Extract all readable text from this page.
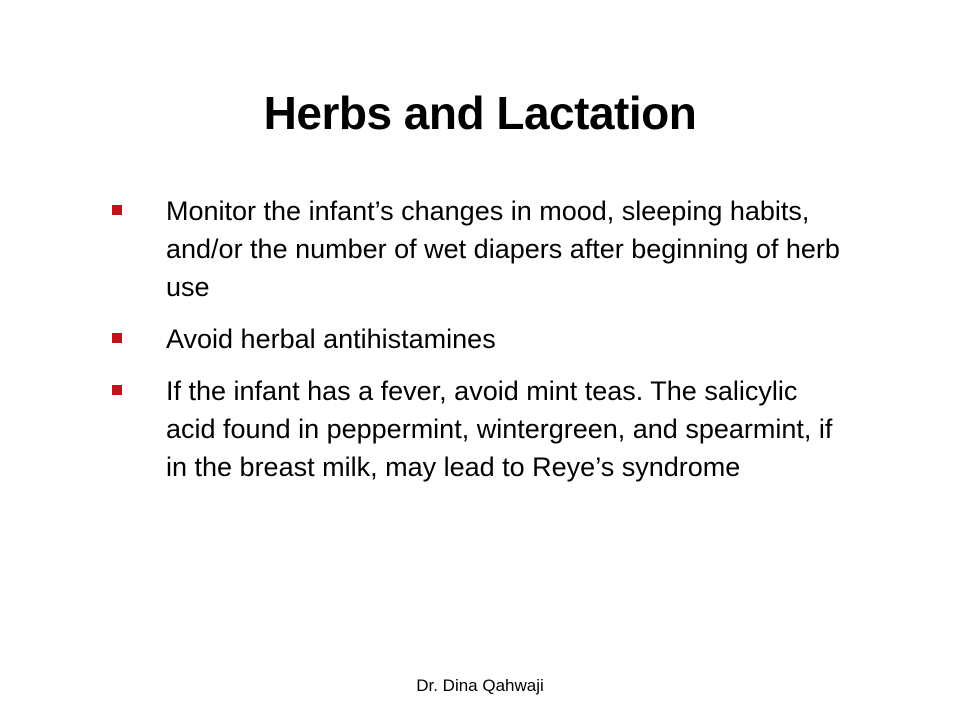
Herbs and Lactation
Monitor the infant’s changes in mood, sleeping habits, and/or the number of wet diapers after beginning of herb use
Avoid herbal antihistamines
If the infant has a fever, avoid mint teas. The salicylic acid found in peppermint, wintergreen, and spearmint, if in the breast milk, may lead to Reye’s syndrome
Dr. Dina Qahwaji
